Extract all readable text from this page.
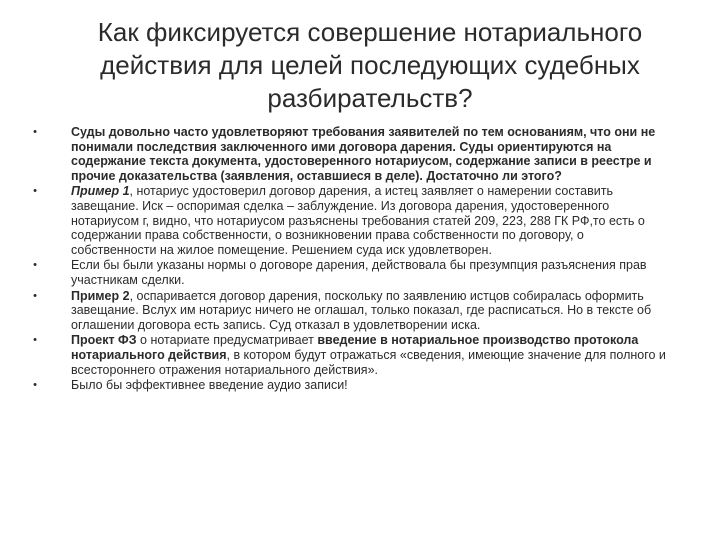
Как фиксируется совершение нотариального действия для целей последующих судебных разбирательств?
•	Суды довольно часто удовлетворяют требования заявителей по тем основаниям, что они не понимали последствия заключенного ими договора дарения. Суды ориентируются на содержание текста документа, удостоверенного нотариусом, содержание записи в реестре и прочие доказательства (заявления, оставшиеся в деле). Достаточно ли этого?
•	Пример 1, нотариус удостоверил договор дарения, а истец заявляет о намерении составить завещание. Иск – оспоримая сделка – заблуждение. Из договора дарения, удостоверенного нотариусом г, видно, что нотариусом разъяснены требования статей 209, 223, 288 ГК РФ,то есть о содержании права собственности, о возникновении права собственности по договору, о собственности на жилое помещение. Решением суда иск удовлетворен.
•	Если бы были указаны нормы о договоре дарения, действовала бы презумпция разъяснения прав участникам сделки.
•	Пример 2, оспаривается договор дарения, поскольку по заявлению истцов собиралась оформить завещание. Вслух им нотариус ничего не оглашал, только показал, где расписаться. Но в тексте об оглашении договора есть запись. Суд отказал в удовлетворении иска.
•	Проект ФЗ о нотариате предусматривает введение в нотариальное производство протокола нотариального действия, в котором будут отражаться «сведения, имеющие значение для полного и всестороннего отражения нотариального действия».
•	Было бы эффективнее введение аудио записи!
